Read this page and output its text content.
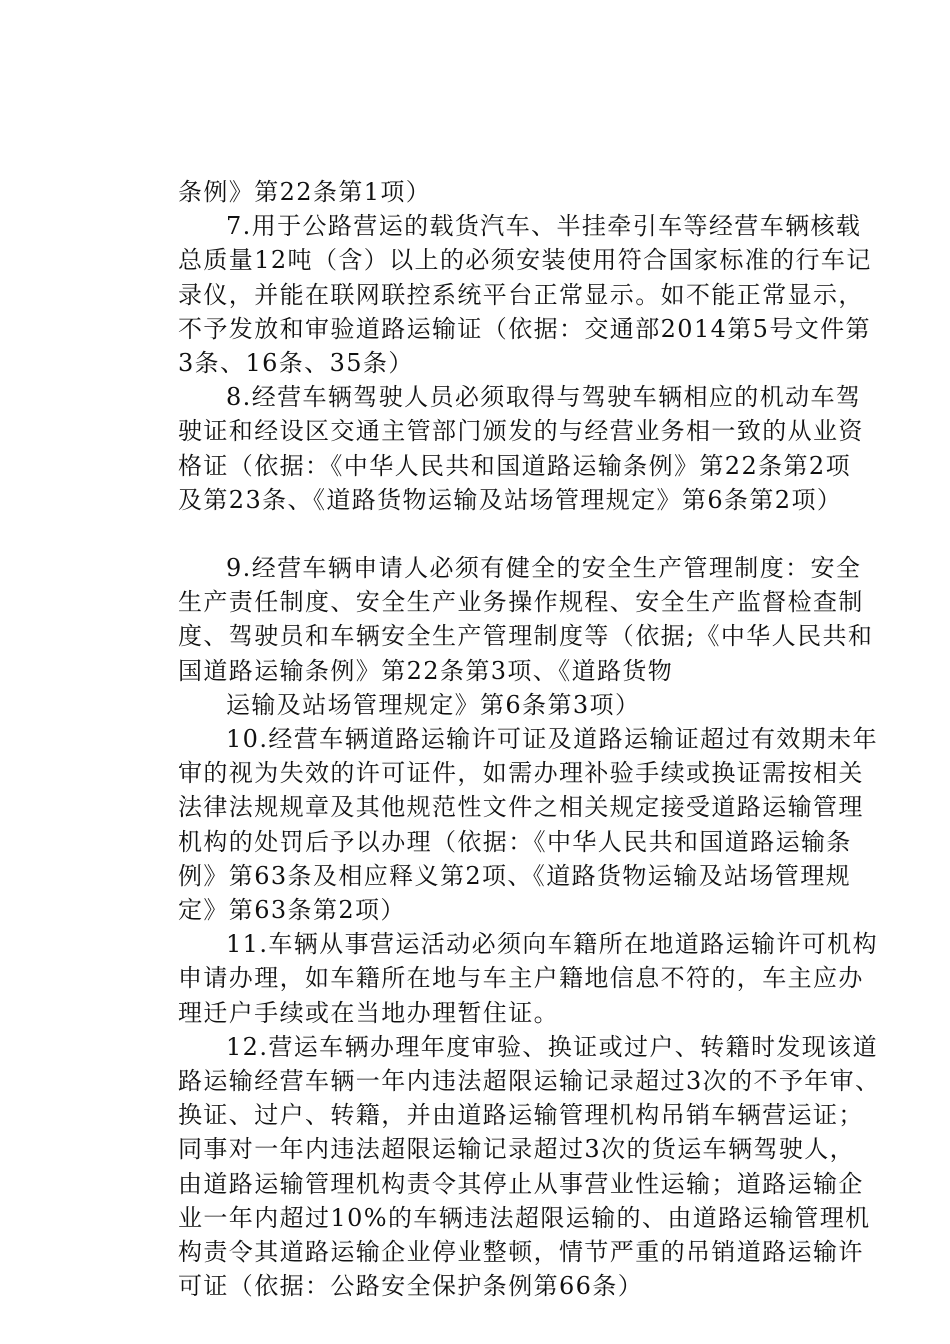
条例》第22条第1项）
7.用于公路营运的载货汽车、半挂牵引车等经营车辆核载
总质量12吨（含）以上的必须安装使用符合国家标准的行车记
录仪，并能在联网联控系统平台正常显示。如不能正常显示，
不予发放和审验道路运输证（依据：交通部2014第5号文件第
3条、16条、35条）
8.经营车辆驾驶人员必须取得与驾驶车辆相应的机动车驾
驶证和经设区交通主管部门颁发的与经营业务相一致的从业资
格证（依据：《中华人民共和国道路运输条例》第22条第2项
及第23条、《道路货物运输及站场管理规定》第6条第2项）
9.经营车辆申请人必须有健全的安全生产管理制度：安全
生产责任制度、安全生产业务操作规程、安全生产监督检查制
度、驾驶员和车辆安全生产管理制度等（依据;《中华人民共和
国道路运输条例》第22条第3项、《道路货物
运输及站场管理规定》第6条第3项）
10.经营车辆道路运输许可证及道路运输证超过有效期未年
审的视为失效的许可证件，如需办理补验手续或换证需按相关
法律法规规章及其他规范性文件之相关规定接受道路运输管理
机构的处罚后予以办理（依据：《中华人民共和国道路运输条
例》第63条及相应释义第2项、《道路货物运输及站场管理规
定》第63条第2项）
11.车辆从事营运活动必须向车籍所在地道路运输许可机构
申请办理，如车籍所在地与车主户籍地信息不符的，车主应办
理迁户手续或在当地办理暂住证。
12.营运车辆办理年度审验、换证或过户、转籍时发现该道
路运输经营车辆一年内违法超限运输记录超过3次的不予年审、
换证、过户、转籍，并由道路运输管理机构吊销车辆营运证；
同事对一年内违法超限运输记录超过3次的货运车辆驾驶人，
由道路运输管理机构责令其停止从事营业性运输；道路运输企
业一年内超过10%的车辆违法超限运输的、由道路运输管理机
构责令其道路运输企业停业整顿，情节严重的吊销道路运输许
可证（依据：公路安全保护条例第66条）
